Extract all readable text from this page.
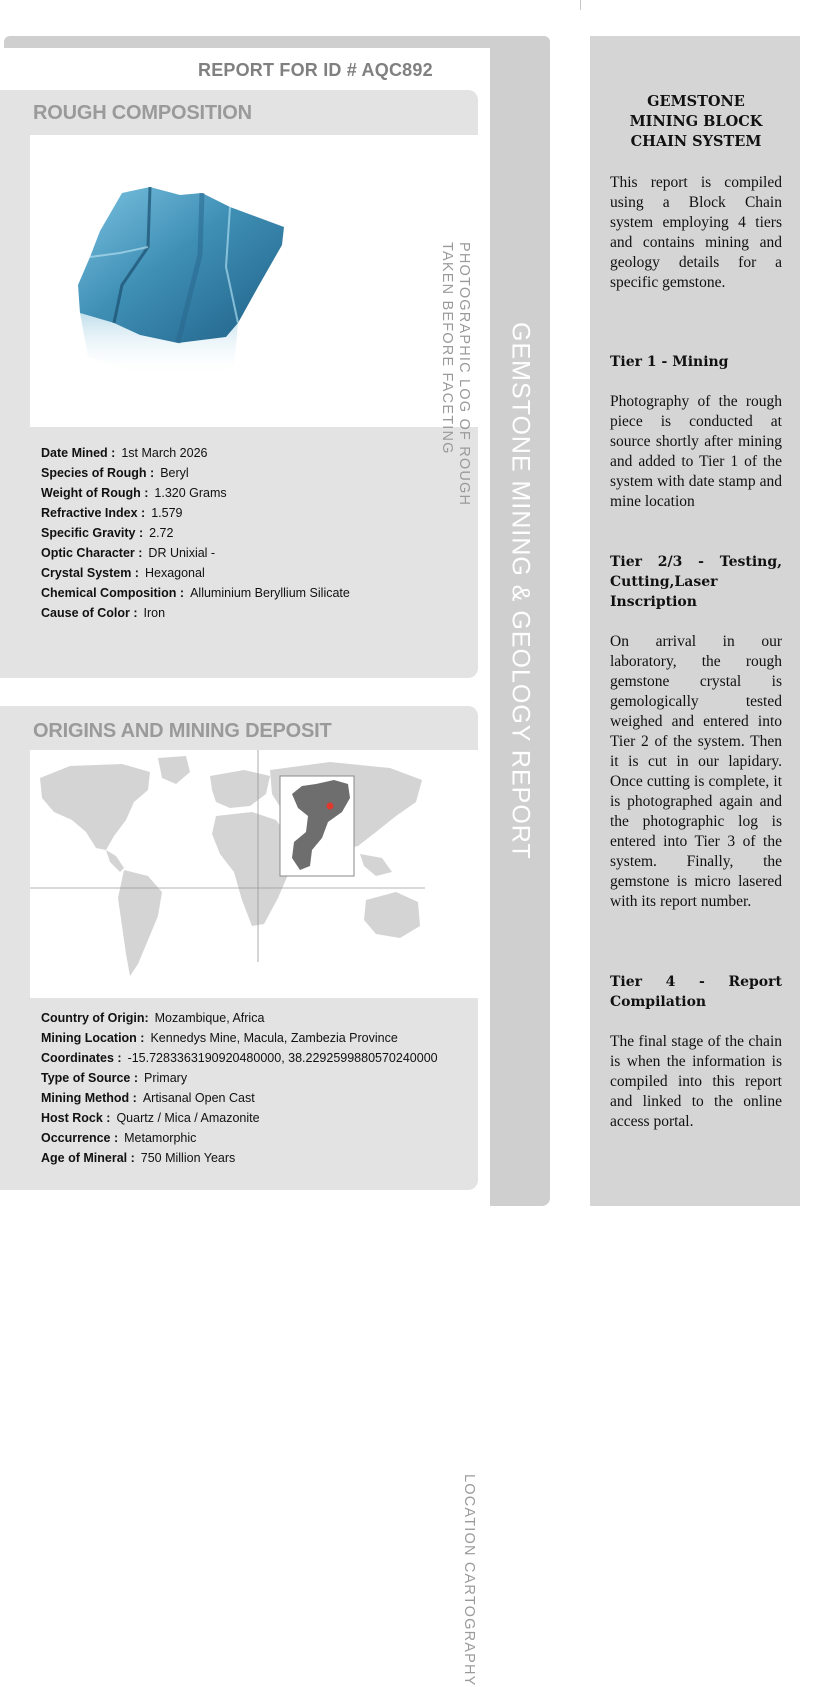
REPORT FOR ID # AQC892
ROUGH COMPOSITION
PHOTOGRAPHIC LOG OF ROUGH TAKEN BEFORE FACETING
Date Mined : 1st March 2026
Species of Rough : Beryl
Weight of Rough : 1.320 Grams
Refractive Index : 1.579
Specific Gravity : 2.72
Optic Character : DR Unixial -
Crystal System : Hexagonal
Chemical Composition : Alluminium Beryllium Silicate
Cause of Color : Iron
ORIGINS AND MINING DEPOSIT
LOCATION CARTOGRAPHY
Country of Origin: Mozambique, Africa
Mining Location : Kennedys Mine, Macula, Zambezia Province
Coordinates : -15.7283363190920480000, 38.2292599880570240000
Type of Source : Primary
Mining Method : Artisanal Open Cast
Host Rock : Quartz / Mica / Amazonite
Occurrence : Metamorphic
Age of Mineral : 750 Million Years
GEMSTONE MINING & GEOLOGY REPORT
GEMSTONE
MINING BLOCK
CHAIN SYSTEM

This report is compiled using a Block Chain system employing 4 tiers and contains mining and geology details for a specific gemstone.

Tier 1 - Mining

Photography of the rough piece is conducted at source shortly after mining and added to Tier 1 of the system with date stamp and mine location

Tier 2/3 - Testing, Cutting,Laser Inscription

On arrival in our laboratory, the rough gemstone crystal is gemologically tested weighed and entered into Tier 2 of the system. Then it is cut in our lapidary. Once cutting is complete, it is photographed again and the photographic log is entered into Tier 3 of the system. Finally, the gemstone is micro lasered with its report number.

Tier 4 - Report Compilation

The final stage of the chain is when the information is compiled into this report and linked to the online access portal.
